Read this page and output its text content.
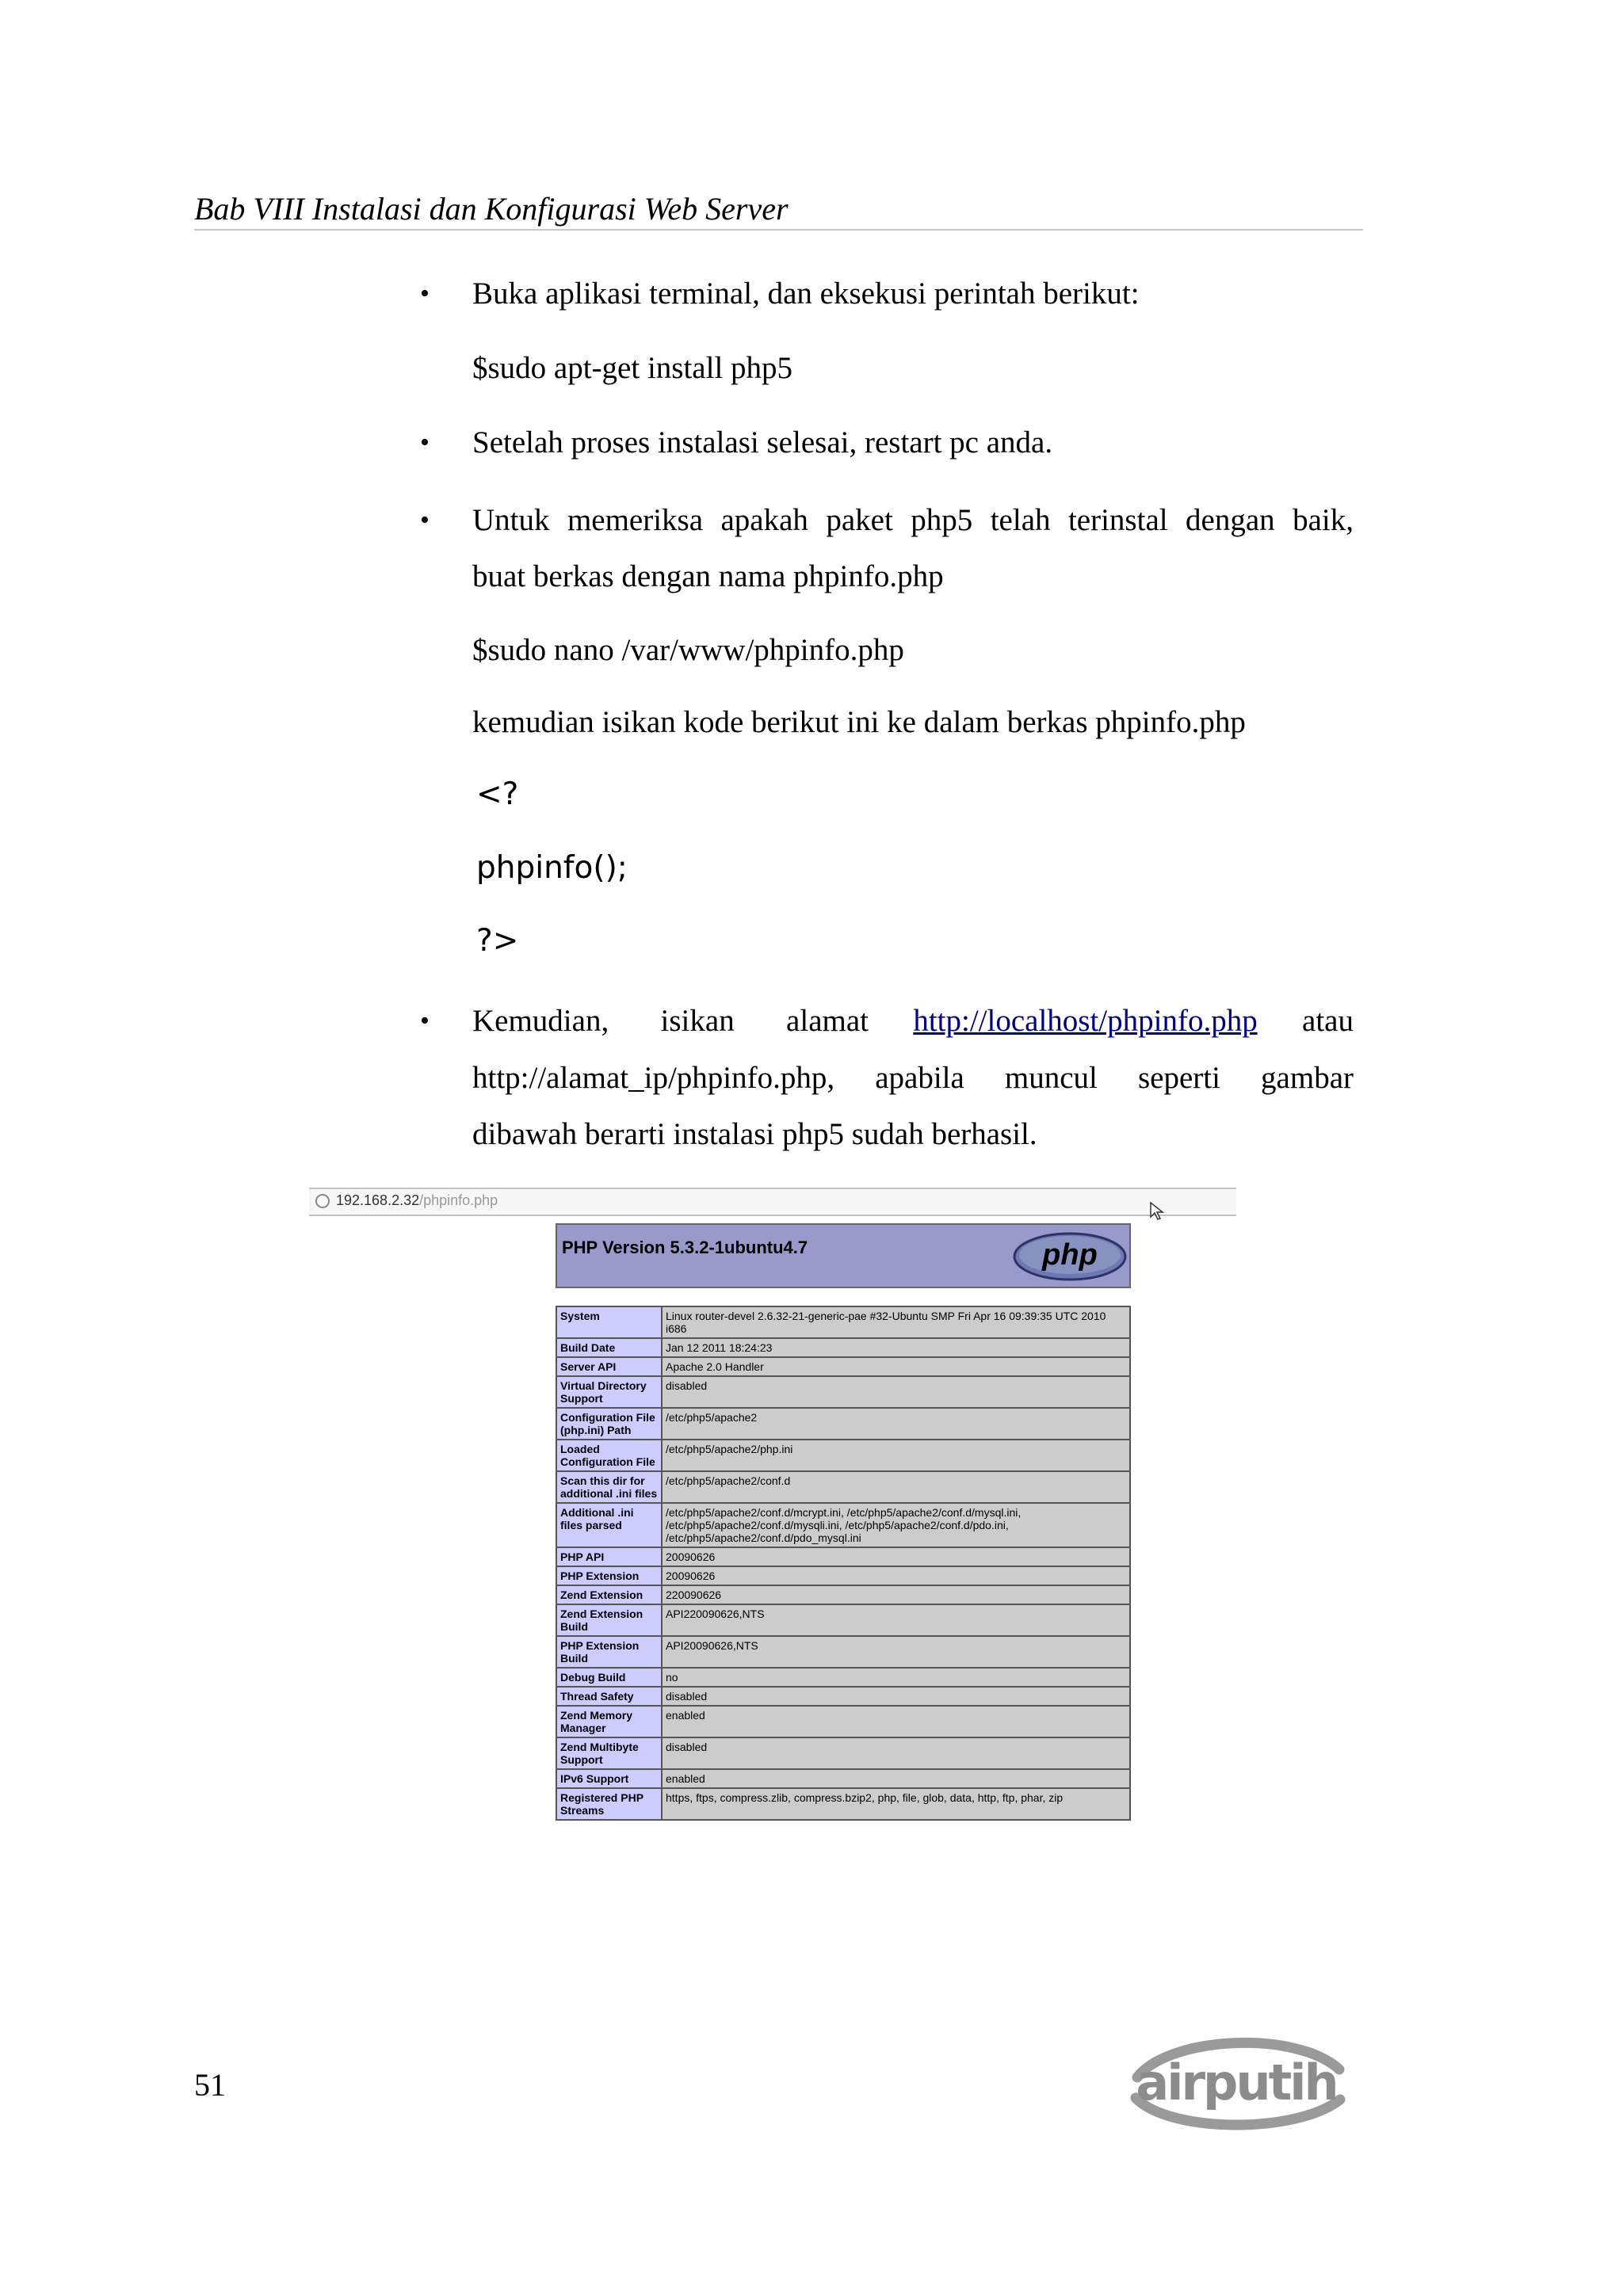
Bab VIII Instalasi dan Konfigurasi Web Server
• Buka aplikasi terminal, dan eksekusi perintah berikut:
$sudo apt-get install php5
• Setelah proses instalasi selesai, restart pc anda.
• Untuk memeriksa apakah paket php5 telah terinstal dengan baik,
buat berkas dengan nama phpinfo.php
$sudo nano /var/www/phpinfo.php
kemudian isikan kode berikut ini ke dalam berkas phpinfo.php
<?
phpinfo();
?>
• Kemudian, isikan alamat http://localhost/phpinfo.php atau
http://alamat_ip/phpinfo.php, apabila muncul seperti gambar
dibawah berarti instalasi php5 sudah berhasil.
192.168.2.32/phpinfo.php
PHP Version 5.3.2-1ubuntu4.7	php
System	Linux router-devel 2.6.32-21-generic-pae #32-Ubuntu SMP Fri Apr 16 09:39:35 UTC 2010 i686
Build Date	Jan 12 2011 18:24:23
Server API	Apache 2.0 Handler
Virtual Directory Support	disabled
Configuration File (php.ini) Path	/etc/php5/apache2
Loaded Configuration File	/etc/php5/apache2/php.ini
Scan this dir for additional .ini files	/etc/php5/apache2/conf.d
Additional .ini files parsed	/etc/php5/apache2/conf.d/mcrypt.ini, /etc/php5/apache2/conf.d/mysql.ini, /etc/php5/apache2/conf.d/mysqli.ini, /etc/php5/apache2/conf.d/pdo.ini, /etc/php5/apache2/conf.d/pdo_mysql.ini
PHP API	20090626
PHP Extension	20090626
Zend Extension	220090626
Zend Extension Build	API220090626,NTS
PHP Extension Build	API20090626,NTS
Debug Build	no
Thread Safety	disabled
Zend Memory Manager	enabled
Zend Multibyte Support	disabled
IPv6 Support	enabled
Registered PHP Streams	https, ftps, compress.zlib, compress.bzip2, php, file, glob, data, http, ftp, phar, zip
51	airputih
